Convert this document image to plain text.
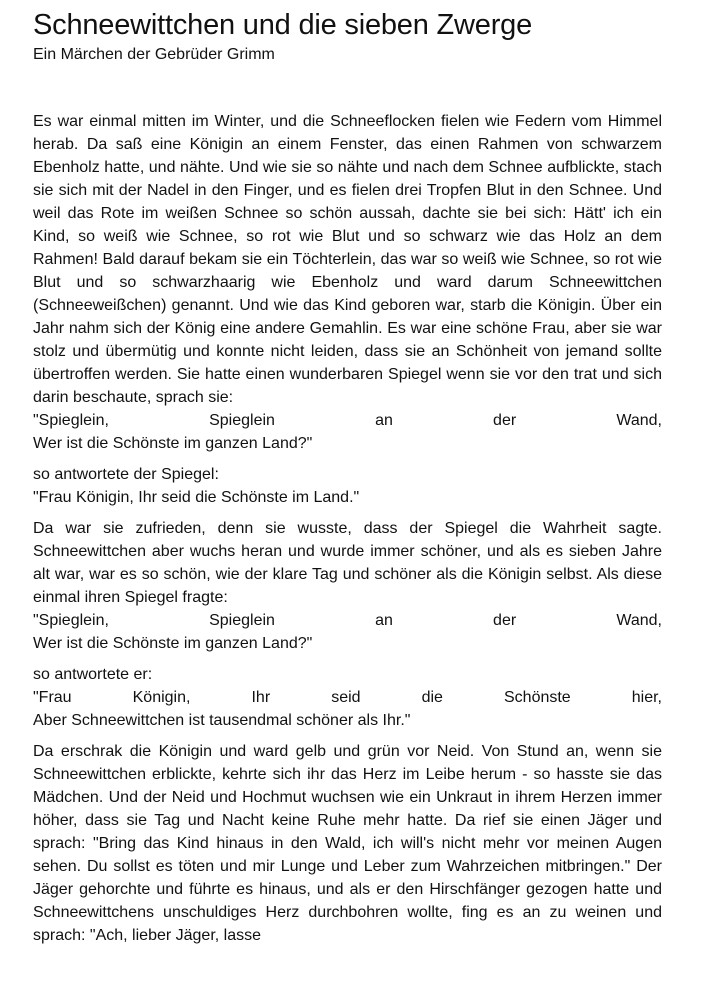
Schneewittchen und die sieben Zwerge
Ein Märchen der Gebrüder Grimm
Es war einmal mitten im Winter, und die Schneeflocken fielen wie Federn vom Himmel herab. Da saß eine Königin an einem Fenster, das einen Rahmen von schwarzem Ebenholz hatte, und nähte. Und wie sie so nähte und nach dem Schnee aufblickte, stach sie sich mit der Nadel in den Finger, und es fielen drei Tropfen Blut in den Schnee. Und weil das Rote im weißen Schnee so schön aussah, dachte sie bei sich: Hätt' ich ein Kind, so weiß wie Schnee, so rot wie Blut und so schwarz wie das Holz an dem Rahmen! Bald darauf bekam sie ein Töchterlein, das war so weiß wie Schnee, so rot wie Blut und so schwarzhaarig wie Ebenholz und ward darum Schneewittchen (Schneeweißchen) genannt. Und wie das Kind geboren war, starb die Königin. Über ein Jahr nahm sich der König eine andere Gemahlin. Es war eine schöne Frau, aber sie war stolz und übermütig und konnte nicht leiden, dass sie an Schönheit von jemand sollte übertroffen werden. Sie hatte einen wunderbaren Spiegel wenn sie vor den trat und sich darin beschaute, sprach sie:
"Spieglein, Spieglein an der Wand,
Wer ist die Schönste im ganzen Land?"
so antwortete der Spiegel:
"Frau Königin, Ihr seid die Schönste im Land."
Da war sie zufrieden, denn sie wusste, dass der Spiegel die Wahrheit sagte. Schneewittchen aber wuchs heran und wurde immer schöner, und als es sieben Jahre alt war, war es so schön, wie der klare Tag und schöner als die Königin selbst. Als diese einmal ihren Spiegel fragte:
"Spieglein, Spieglein an der Wand,
Wer ist die Schönste im ganzen Land?"
so antwortete er:
"Frau Königin, Ihr seid die Schönste hier,
Aber Schneewittchen ist tausendmal schöner als Ihr."
Da erschrak die Königin und ward gelb und grün vor Neid. Von Stund an, wenn sie Schneewittchen erblickte, kehrte sich ihr das Herz im Leibe herum - so hasste sie das Mädchen. Und der Neid und Hochmut wuchsen wie ein Unkraut in ihrem Herzen immer höher, dass sie Tag und Nacht keine Ruhe mehr hatte. Da rief sie einen Jäger und sprach: "Bring das Kind hinaus in den Wald, ich will's nicht mehr vor meinen Augen sehen. Du sollst es töten und mir Lunge und Leber zum Wahrzeichen mitbringen." Der Jäger gehorchte und führte es hinaus, und als er den Hirschfänger gezogen hatte und Schneewittchens unschuldiges Herz durchbohren wollte, fing es an zu weinen und sprach: "Ach, lieber Jäger, lasse
